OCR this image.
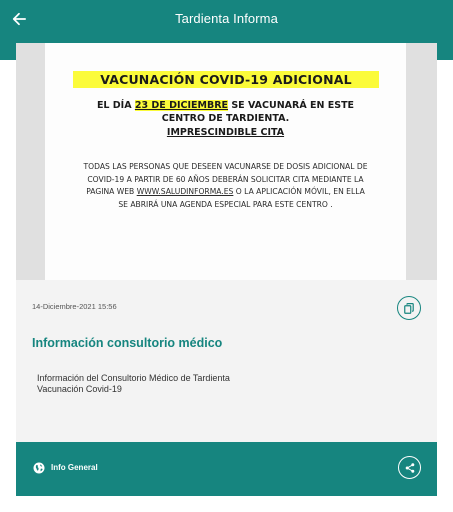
Tardienta Informa
VACUNACIÓN COVID-19 ADICIONAL
EL DÍA 23 DE DICIEMBRE SE VACUNARÁ EN ESTE
CENTRO DE TARDIENTA.
IMPRESCINDIBLE CITA
TODAS LAS PERSONAS QUE DESEEN VACUNARSE DE DOSIS ADICIONAL DE
COVID-19 A PARTIR DE 60 AÑOS DEBERÁN SOLICITAR CITA MEDIANTE LA
PAGINA WEB WWW.SALUDINFORMA.ES O LA APLICACIÓN MÓVIL, EN ELLA
SE ABRIRÁ UNA AGENDA ESPECIAL PARA ESTE CENTRO .
14-Diciembre-2021 15:56
Información consultorio médico
Información del Consultorio Médico de Tardienta
Vacunación Covid-19
Info General
